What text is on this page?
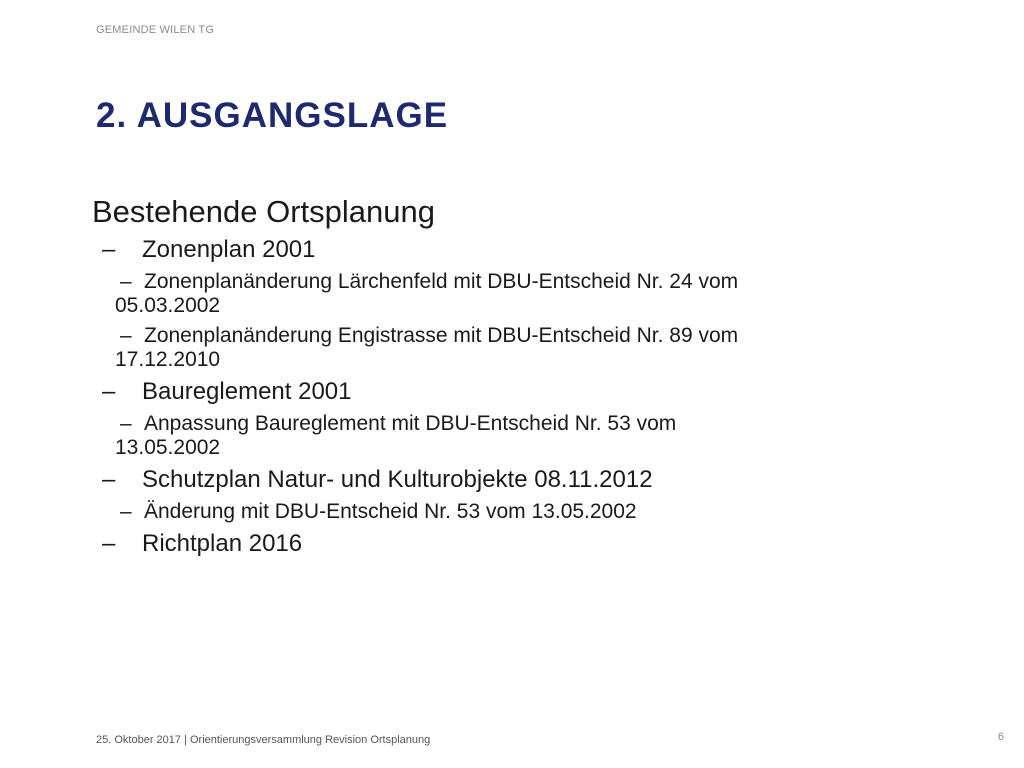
GEMEINDE WILEN TG
2. AUSGANGSLAGE
Bestehende Ortsplanung
– Zonenplan 2001
– Zonenplanänderung Lärchenfeld mit DBU-Entscheid Nr. 24 vom
05.03.2002
– Zonenplanänderung Engistrasse mit DBU-Entscheid Nr. 89 vom
17.12.2010
– Baureglement 2001
– Anpassung Baureglement mit DBU-Entscheid Nr. 53 vom
13.05.2002
– Schutzplan Natur- und Kulturobjekte 08.11.2012
– Änderung mit DBU-Entscheid Nr. 53 vom 13.05.2002
– Richtplan 2016
25. Oktober 2017 | Orientierungsversammlung Revision Ortsplanung	6
